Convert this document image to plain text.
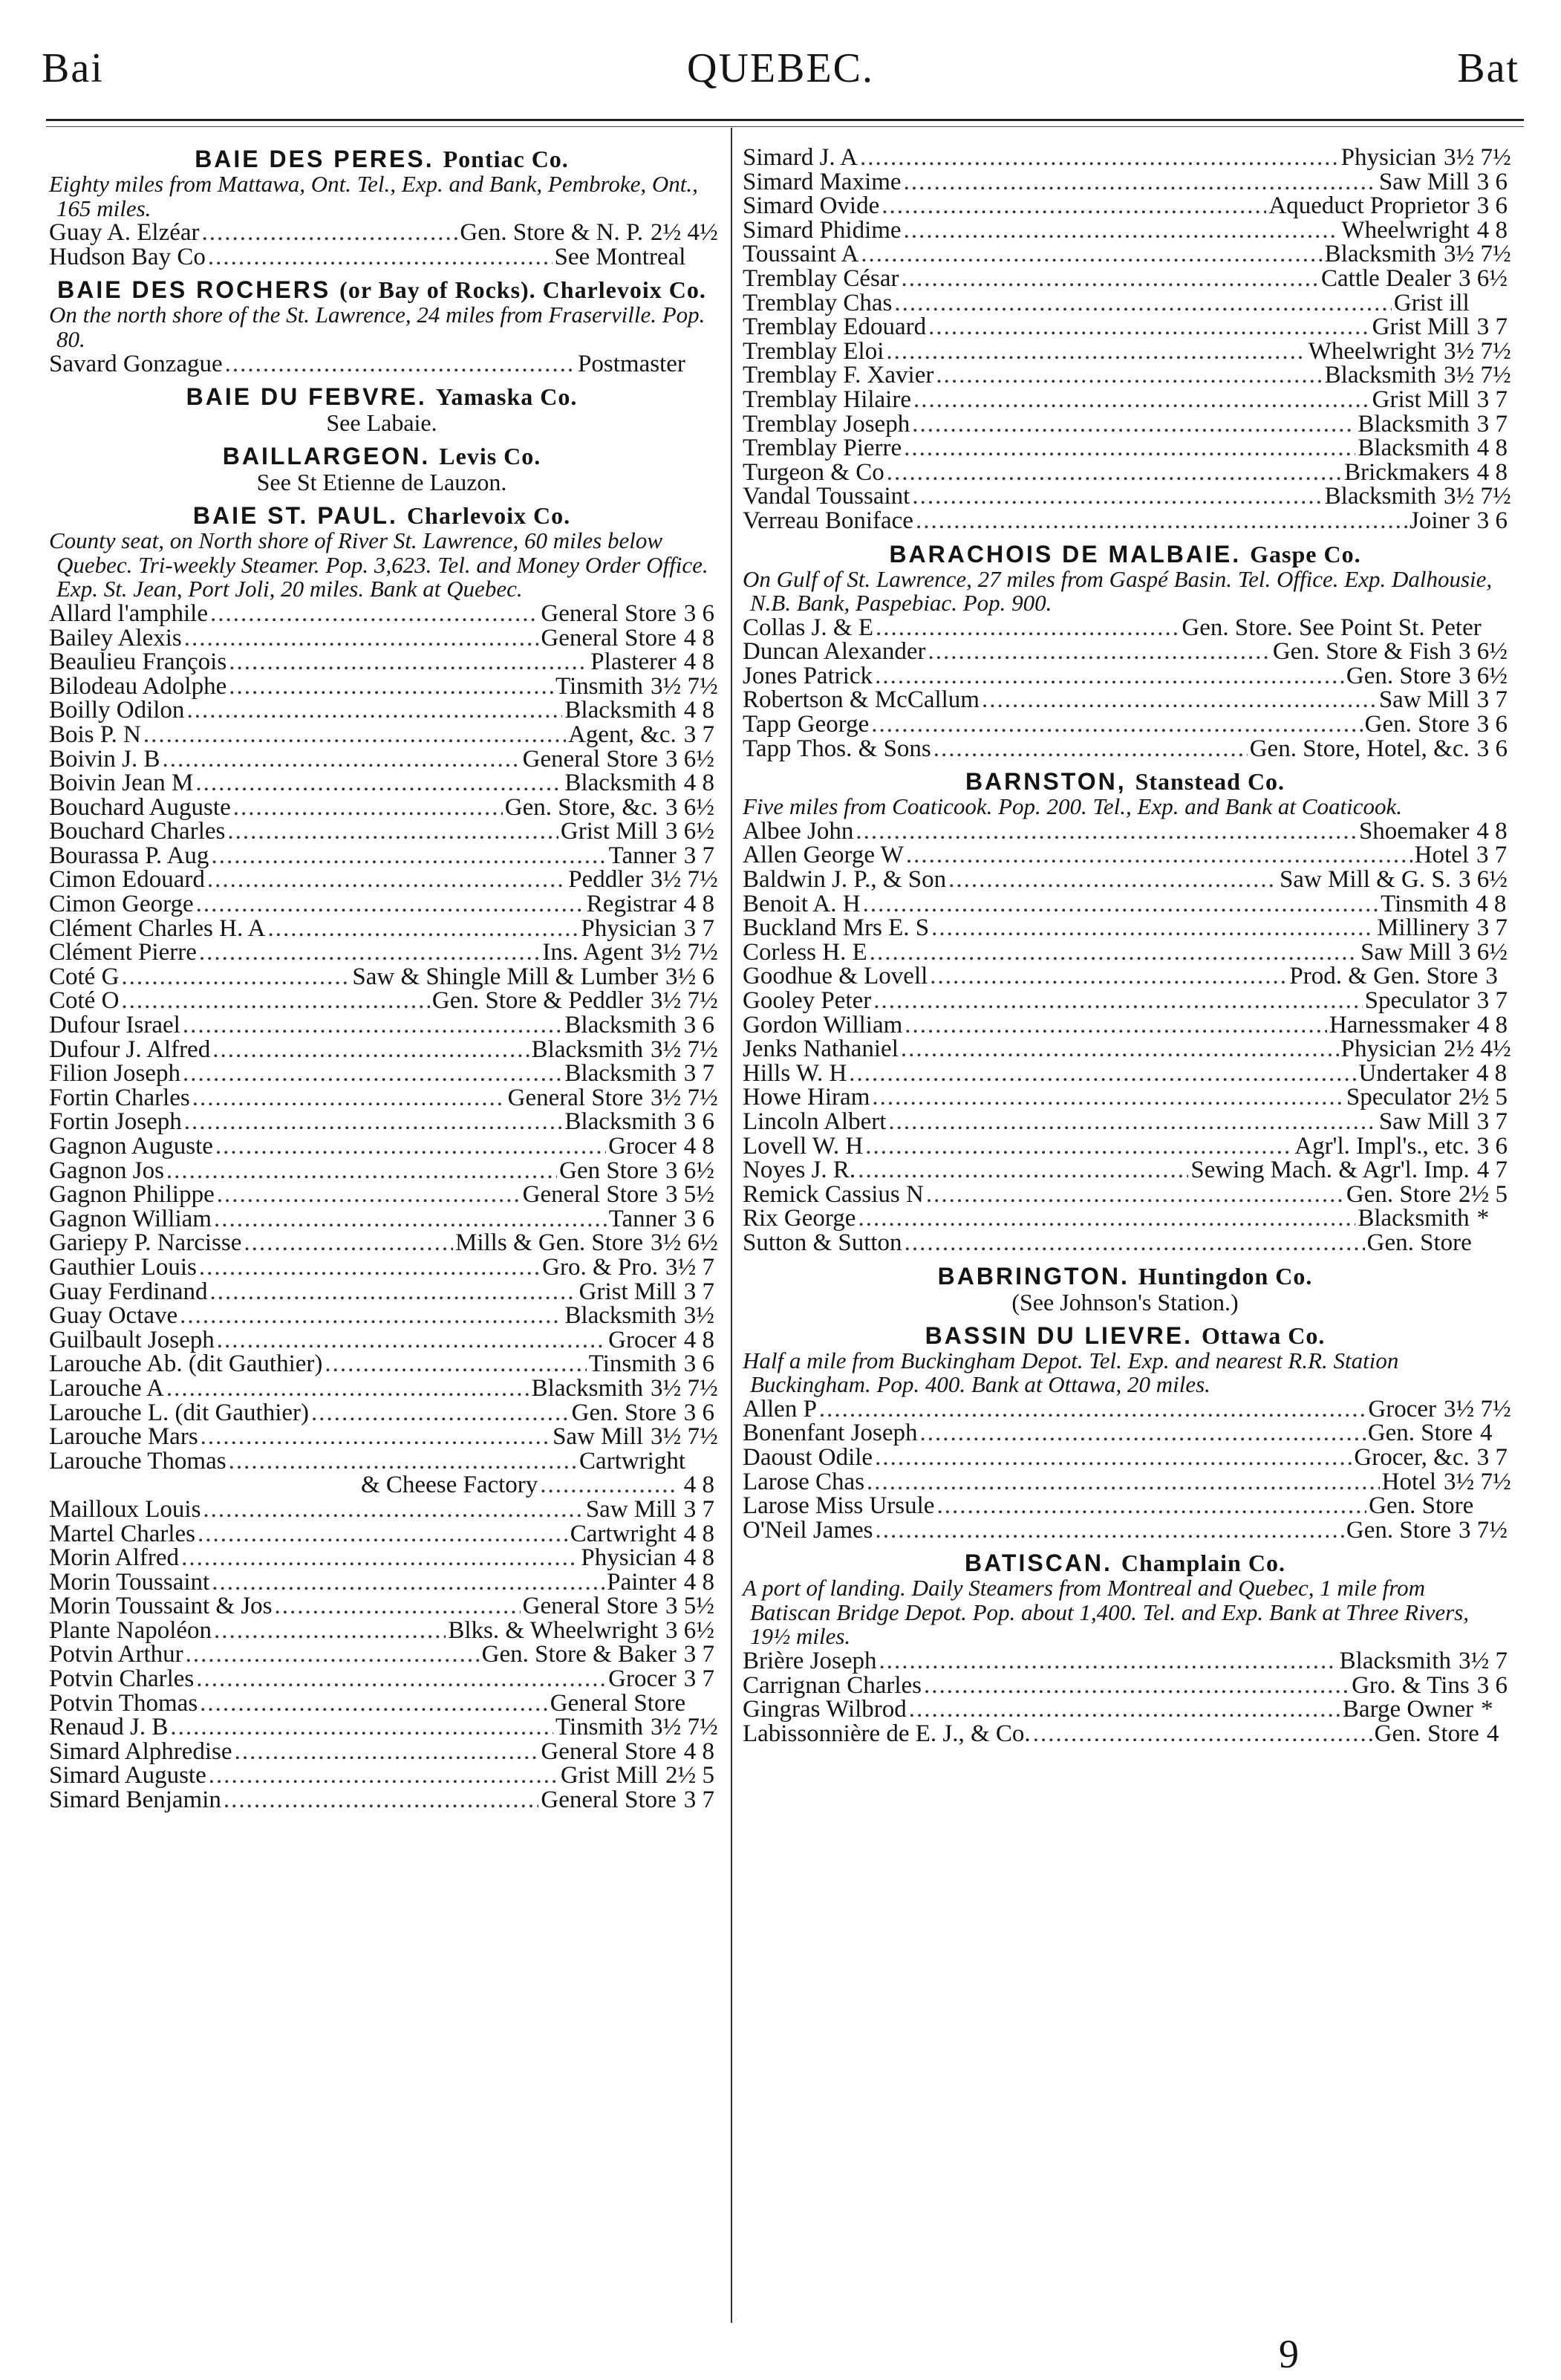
Bai	QUEBEC.	Bat
BAIE DES PERES. Pontiac Co.
Eighty miles from Mattawa, Ont. Tel., Exp. and Bank, Pembroke, Ont., 165 miles.
Guay A. Elzéar .....	Gen. Store & N. P. 2½ 4½
Hudson Bay Co .....	See Montreal
BAIE DES ROCHERS (or Bay of Rocks). Charlevoix Co.
On the north shore of the St. Lawrence, 24 miles from Fraserville. Pop. 80.
Savard Gonzague .....	Postmaster
BAIE DU FEBVRE. Yamaska Co.
See Labaie.
BAILLARGEON. Levis Co.
See St Etienne de Lauzon.
BAIE ST. PAUL. Charlevoix Co.
County seat, on North shore of River St. Lawrence, 60 miles below Quebec. Tri-weekly Steamer. Pop. 3,623. Tel. and Money Order Office. Exp. St. Jean, Port Joli, 20 miles. Bank at Quebec.
Allard l'amphile .....	General Store 3 6
Bailey Alexis .....	General Store 4 8
Beaulieu François .....	Plasterer 4 8
Bilodeau Adolphe .....	Tinsmith 3½ 7½
Boilly Odilon .....	Blacksmith 4 8
Bois P. N .....	Agent, &c. 3 7
Boivin J. B .....	General Store 3 6½
Boivin Jean M .....	Blacksmith 4 8
Bouchard Auguste .....	Gen. Store, &c. 3 6½
Bouchard Charles .....	Grist Mill 3 6½
Bourassa P. Aug .....	Tanner 3 7
Cimon Edouard .....	Peddler 3½ 7½
Cimon George .....	Registrar 4 8
Clément Charles H. A .....	Physician 3 7
Clément Pierre .....	Ins. Agent 3½ 7½
Coté G .....	Saw & Shingle Mill & Lumber 3½ 6
Coté O .....	Gen. Store & Peddler 3½ 7½
Dufour Israel .....	Blacksmith 3 6
Dufour J. Alfred .....	Blacksmith 3½ 7½
Filion Joseph .....	Blacksmith 3 7
Fortin Charles .....	General Store 3½ 7½
Fortin Joseph .....	Blacksmith 3 6
Gagnon Auguste .....	Grocer 4 8
Gagnon Jos .....	Gen Store 3 6½
Gagnon Philippe .....	General Store 3 5½
Gagnon William .....	Tanner 3 6
Gariepy P. Narcisse .....	Mills & Gen. Store 3½ 6½
Gauthier Louis .....	Gro. & Pro. 3½ 7
Guay Ferdinand .....	Grist Mill 3 7
Guay Octave .....	Blacksmith 3½
Guilbault Joseph .....	Grocer 4 8
Larouche Ab. (dit Gauthier) .....	Tinsmith 3 6
Larouche A .....	Blacksmith 3½ 7½
Larouche L. (dit Gauthier) .....	Gen. Store 3 6
Larouche Mars .....	Saw Mill 3½ 7½
Larouche Thomas .....	Cartwright
& Cheese Factory .....	4 8
Mailloux Louis .....	Saw Mill 3 7
Martel Charles .....	Cartwright 4 8
Morin Alfred .....	Physician 4 8
Morin Toussaint .....	Painter 4 8
Morin Toussaint & Jos .....	General Store 3 5½
Plante Napoléon .....	Blks. & Wheelwright 3 6½
Potvin Arthur .....	Gen. Store & Baker 3 7
Potvin Charles .....	Grocer 3 7
Potvin Thomas .....	General Store
Renaud J. B .....	Tinsmith 3½ 7½
Simard Alphredise .....	General Store 4 8
Simard Auguste .....	Grist Mill 2½ 5
Simard Benjamin .....	General Store 3 7
Simard J. A .....	Physician 3½ 7½
Simard Maxime .....	Saw Mill 3 6
Simard Ovide .....	Aqueduct Proprietor 3 6
Simard Phidime .....	Wheelwright 4 8
Toussaint A .....	Blacksmith 3½ 7½
Tremblay César .....	Cattle Dealer 3 6½
Tremblay Chas .....	Grist ill
Tremblay Edouard .....	Grist Mill 3 7
Tremblay Eloi .....	Wheelwright 3½ 7½
Tremblay F. Xavier .....	Blacksmith 3½ 7½
Tremblay Hilaire .....	Grist Mill 3 7
Tremblay Joseph .....	Blacksmith 3 7
Tremblay Pierre .....	Blacksmith 4 8
Turgeon & Co .....	Brickmakers 4 8
Vandal Toussaint .....	Blacksmith 3½ 7½
Verreau Boniface .....	Joiner 3 6
BARACHOIS DE MALBAIE. Gaspe Co.
On Gulf of St. Lawrence, 27 miles from Gaspé Basin. Tel. Office. Exp. Dalhousie, N.B. Bank, Paspebiac. Pop. 900.
Collas J. & E .....	Gen. Store. See Point St. Peter
Duncan Alexander .....	Gen. Store & Fish 3 6½
Jones Patrick .....	Gen. Store 3 6½
Robertson & McCallum .....	Saw Mill 3 7
Tapp George .....	Gen. Store 3 6
Tapp Thos. & Sons .....	Gen. Store, Hotel, &c. 3 6
BARNSTON, Stanstead Co.
Five miles from Coaticook. Pop. 200. Tel., Exp. and Bank at Coaticook.
Albee John .....	Shoemaker 4 8
Allen George W .....	Hotel 3 7
Baldwin J. P., & Son .....	Saw Mill & G. S. 3 6½
Benoit A. H .....	Tinsmith 4 8
Buckland Mrs E. S .....	Millinery 3 7
Corless H. E .....	Saw Mill 3 6½
Goodhue & Lovell .....	Prod. & Gen. Store 3
Gooley Peter .....	Speculator 3 7
Gordon William .....	Harnessmaker 4 8
Jenks Nathaniel .....	Physician 2½ 4½
Hills W. H .....	Undertaker 4 8
Howe Hiram .....	Speculator 2½ 5
Lincoln Albert .....	Saw Mill 3 7
Lovell W. H .....	Agr'l. Impl's., etc. 3 6
Noyes J. R. .....	Sewing Mach. & Agr'l. Imp. 4 7
Remick Cassius N .....	Gen. Store 2½ 5
Rix George .....	Blacksmith *
Sutton & Sutton .....	Gen. Store
BABRINGTON. Huntingdon Co.
(See Johnson's Station.)
BASSIN DU LIEVRE. Ottawa Co.
Half a mile from Buckingham Depot. Tel. Exp. and nearest R.R. Station Buckingham. Pop. 400. Bank at Ottawa, 20 miles.
Allen P .....	Grocer 3½ 7½
Bonenfant Joseph .....	Gen. Store 4
Daoust Odile .....	Grocer, &c. 3 7
Larose Chas .....	Hotel 3½ 7½
Larose Miss Ursule .....	Gen. Store
O'Neil James .....	Gen. Store 3 7½
BATISCAN. Champlain Co.
A port of landing. Daily Steamers from Montreal and Quebec, 1 mile from Batiscan Bridge Depot. Pop. about 1,400. Tel. and Exp. Bank at Three Rivers, 19½ miles.
Brière Joseph .....	Blacksmith 3½ 7
Carrignan Charles .....	Gro. & Tins 3 6
Gingras Wilbrod .....	Barge Owner *
Labissonnière de E. J., & Co. .....	Gen. Store 4
9
